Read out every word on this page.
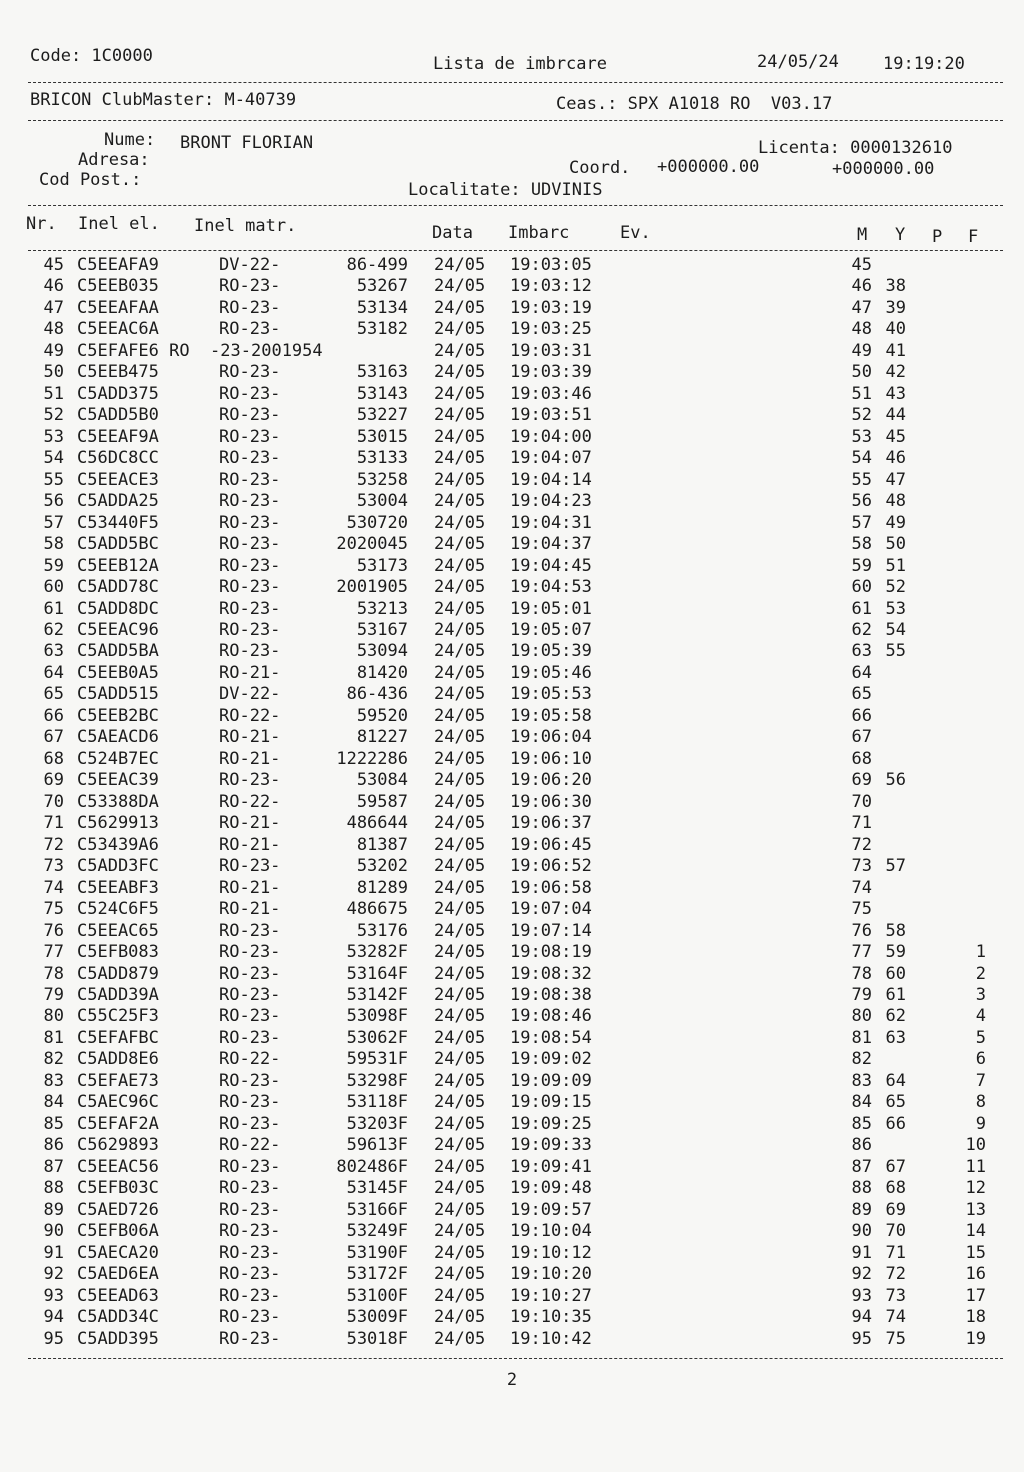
Code: 1C0000	Lista de imbrcare	24/05/24	19:19:20
BRICON ClubMaster: M-40739	Ceas.: SPX A1018 RO  V03.17
Nume: BRONT FLORIAN	Licenta: 0000132610
Adresa:	Coord. +000000.00	+000000.00
Cod Post.:	Localitate: UDVINIS
Nr. Inel el. Inel matr.	Data Imbarc	Ev.	M Y P F
45 C5EEAFA9	DV-22-	86-499 24/05 19:03:05	45
46 C5EEB035	RO-23-	53267 24/05 19:03:12	46 38
47 C5EEAFAA	RO-23-	53134 24/05 19:03:19	47 39
48 C5EEAC6A	RO-23-	53182 24/05 19:03:25	48 40
49 C5EFAFE6 RO  -23-2001954	24/05 19:03:31	49 41
50 C5EEB475	RO-23-	53163 24/05 19:03:39	50 42
51 C5ADD375	RO-23-	53143 24/05 19:03:46	51 43
52 C5ADD5B0	RO-23-	53227 24/05 19:03:51	52 44
53 C5EEAF9A	RO-23-	53015 24/05 19:04:00	53 45
54 C56DC8CC	RO-23-	53133 24/05 19:04:07	54 46
55 C5EEACE3	RO-23-	53258 24/05 19:04:14	55 47
56 C5ADDA25	RO-23-	53004 24/05 19:04:23	56 48
57 C53440F5	RO-23-	530720 24/05 19:04:31	57 49
58 C5ADD5BC	RO-23-	2020045 24/05 19:04:37	58 50
59 C5EEB12A	RO-23-	53173 24/05 19:04:45	59 51
60 C5ADD78C	RO-23-	2001905 24/05 19:04:53	60 52
61 C5ADD8DC	RO-23-	53213 24/05 19:05:01	61 53
62 C5EEAC96	RO-23-	53167 24/05 19:05:07	62 54
63 C5ADD5BA	RO-23-	53094 24/05 19:05:39	63 55
64 C5EEB0A5	RO-21-	81420 24/05 19:05:46	64
65 C5ADD515	DV-22-	86-436 24/05 19:05:53	65
66 C5EEB2BC	RO-22-	59520 24/05 19:05:58	66
67 C5AEACD6	RO-21-	81227 24/05 19:06:04	67
68 C524B7EC	RO-21-	1222286 24/05 19:06:10	68
69 C5EEAC39	RO-23-	53084 24/05 19:06:20	69 56
70 C53388DA	RO-22-	59587 24/05 19:06:30	70
71 C5629913	RO-21-	486644 24/05 19:06:37	71
72 C53439A6	RO-21-	81387 24/05 19:06:45	72
73 C5ADD3FC	RO-23-	53202 24/05 19:06:52	73 57
74 C5EEABF3	RO-21-	81289 24/05 19:06:58	74
75 C524C6F5	RO-21-	486675 24/05 19:07:04	75
76 C5EEAC65	RO-23-	53176 24/05 19:07:14	76 58
77 C5EFB083	RO-23-	53282F 24/05 19:08:19	77 59	1
78 C5ADD879	RO-23-	53164F 24/05 19:08:32	78 60	2
79 C5ADD39A	RO-23-	53142F 24/05 19:08:38	79 61	3
80 C55C25F3	RO-23-	53098F 24/05 19:08:46	80 62	4
81 C5EFAFBC	RO-23-	53062F 24/05 19:08:54	81 63	5
82 C5ADD8E6	RO-22-	59531F 24/05 19:09:02	82	6
83 C5EFAE73	RO-23-	53298F 24/05 19:09:09	83 64	7
84 C5AEC96C	RO-23-	53118F 24/05 19:09:15	84 65	8
85 C5EFAF2A	RO-23-	53203F 24/05 19:09:25	85 66	9
86 C5629893	RO-22-	59613F 24/05 19:09:33	86	10
87 C5EEAC56	RO-23-	802486F 24/05 19:09:41	87 67	11
88 C5EFB03C	RO-23-	53145F 24/05 19:09:48	88 68	12
89 C5AED726	RO-23-	53166F 24/05 19:09:57	89 69	13
90 C5EFB06A	RO-23-	53249F 24/05 19:10:04	90 70	14
91 C5AECA20	RO-23-	53190F 24/05 19:10:12	91 71	15
92 C5AED6EA	RO-23-	53172F 24/05 19:10:20	92 72	16
93 C5EEAD63	RO-23-	53100F 24/05 19:10:27	93 73	17
94 C5ADD34C	RO-23-	53009F 24/05 19:10:35	94 74	18
95 C5ADD395	RO-23-	53018F 24/05 19:10:42	95 75	19
2
